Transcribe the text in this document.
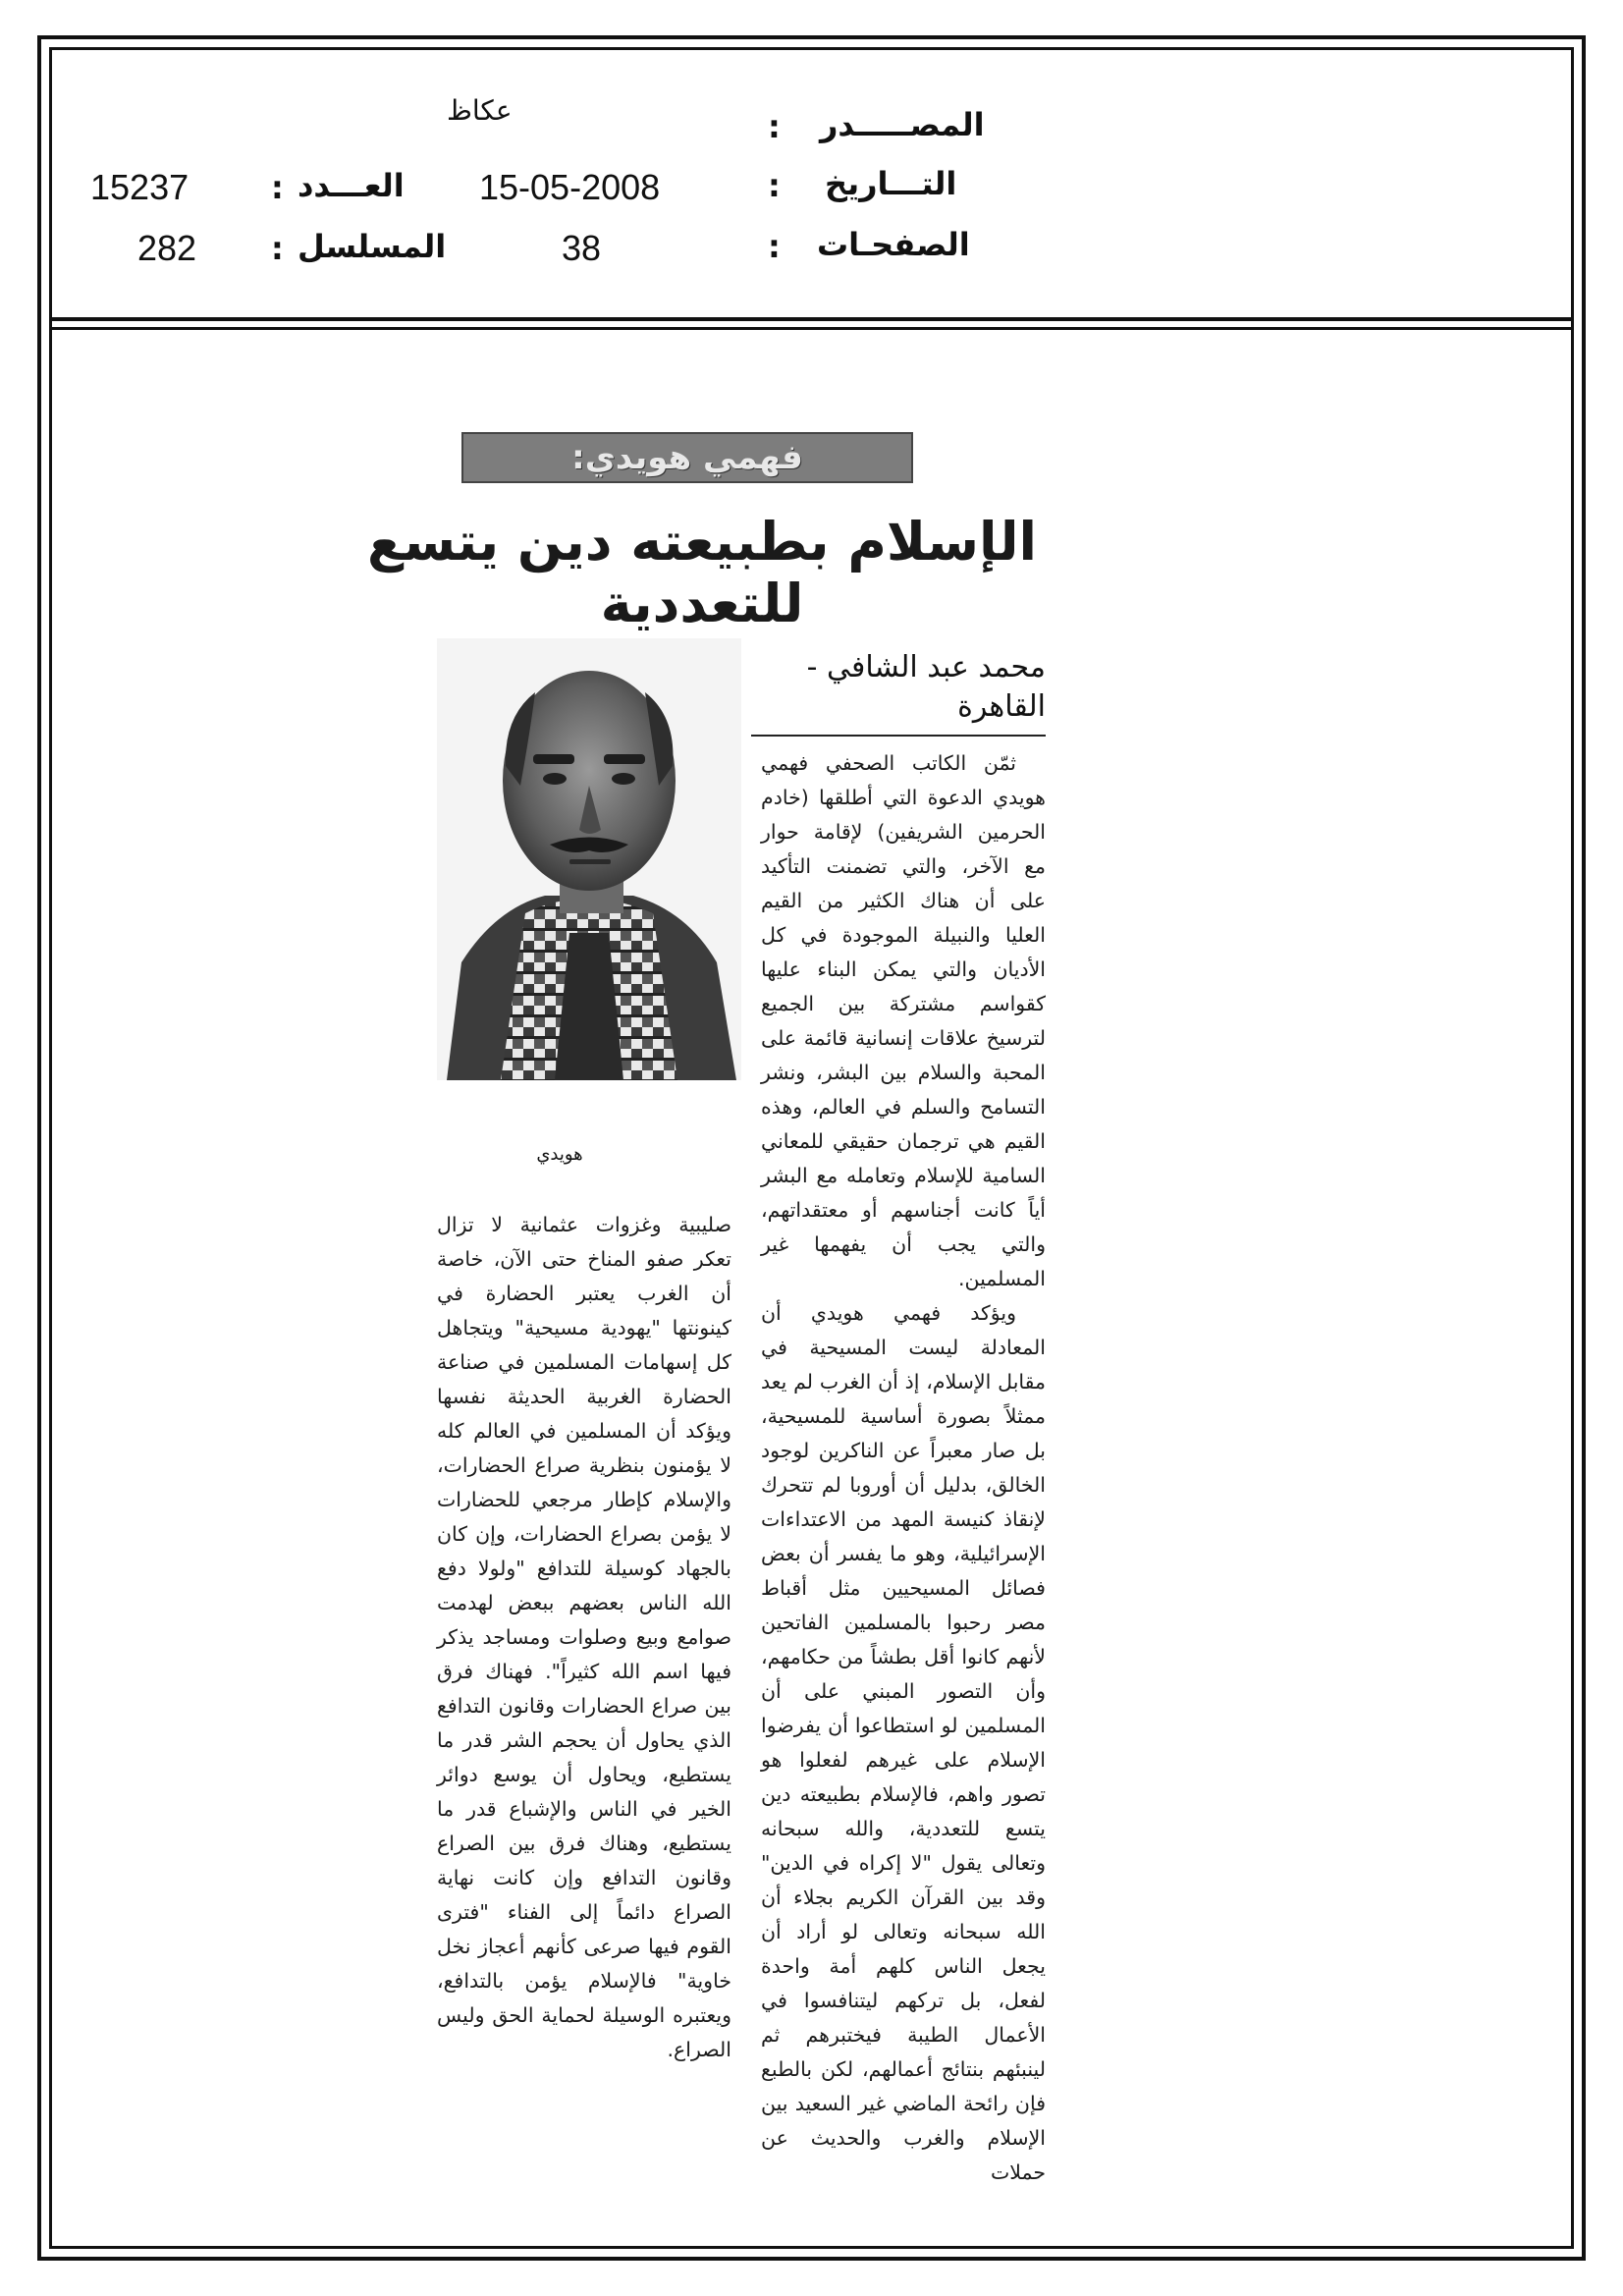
المصـــــدر
:
عكاظ
التـــاريخ
:
15-05-2008
الصفحـات
:
38
العـــدد
:
15237
المسلسل
:
282
فهمي هويدي:
الإسلام بطبيعته دين يتسع للتعددية
محمد عبد الشافي - القاهرة
هويدي

ثمّن الكاتب الصحفي فهمي هويدي الدعوة التي أطلقها (خادم الحرمين الشريفين) لإقامة حوار مع الآخر، والتي تضمنت التأكيد على أن هناك الكثير من القيم العليا والنبيلة الموجودة في كل الأديان والتي يمكن البناء عليها كقواسم مشتركة بين الجميع لترسيخ علاقات إنسانية قائمة على المحبة والسلام بين البشر، ونشر التسامح والسلم في العالم، وهذه القيم هي ترجمان حقيقي للمعاني السامية للإسلام وتعامله مع البشر أياً كانت أجناسهم أو معتقداتهم، والتي يجب أن يفهمها غير المسلمين.

ويؤكد فهمي هويدي أن المعادلة ليست المسيحية في مقابل الإسلام، إذ أن الغرب لم يعد ممثلاً بصورة أساسية للمسيحية، بل صار معبراً عن الناكرين لوجود الخالق، بدليل أن أوروبا لم تتحرك لإنقاذ كنيسة المهد من الاعتداءات الإسرائيلية، وهو ما يفسر أن بعض فصائل المسيحيين مثل أقباط مصر رحبوا بالمسلمين الفاتحين لأنهم كانوا أقل بطشاً من حكامهم، وأن التصور المبني على أن المسلمين لو استطاعوا أن يفرضوا الإسلام على غيرهم لفعلوا هو تصور واهم، فالإسلام بطبيعته دين يتسع للتعددية، والله سبحانه وتعالى يقول "لا إكراه في الدين" وقد بين القرآن الكريم بجلاء أن الله سبحانه وتعالى لو أراد أن يجعل الناس كلهم أمة واحدة لفعل، بل تركهم ليتنافسوا في الأعمال الطيبة فيختبرهم ثم لينبئهم بنتائج أعمالهم، لكن بالطبع فإن رائحة الماضي غير السعيد بين الإسلام والغرب والحديث عن حملات

صليبية وغزوات عثمانية لا تزال تعكر صفو المناخ حتى الآن، خاصة أن الغرب يعتبر الحضارة في كينونتها "يهودية مسيحية" ويتجاهل كل إسهامات المسلمين في صناعة الحضارة الغربية الحديثة نفسها ويؤكد أن المسلمين في العالم كله لا يؤمنون بنظرية صراع الحضارات، والإسلام كإطار مرجعي للحضارات لا يؤمن بصراع الحضارات، وإن كان بالجهاد كوسيلة للتدافع "ولولا دفع الله الناس بعضهم ببعض لهدمت صوامع وبيع وصلوات ومساجد يذكر فيها اسم الله كثيراً". فهناك فرق بين صراع الحضارات وقانون التدافع الذي يحاول أن يحجم الشر قدر ما يستطيع، ويحاول أن يوسع دوائر الخير في الناس والإشباع قدر ما يستطيع، وهناك فرق بين الصراع وقانون التدافع وإن كانت نهاية الصراع دائماً إلى الفناء "فترى القوم فيها صرعى كأنهم أعجاز نخل خاوية" فالإسلام يؤمن بالتدافع، ويعتبره الوسيلة لحماية الحق وليس الصراع.
